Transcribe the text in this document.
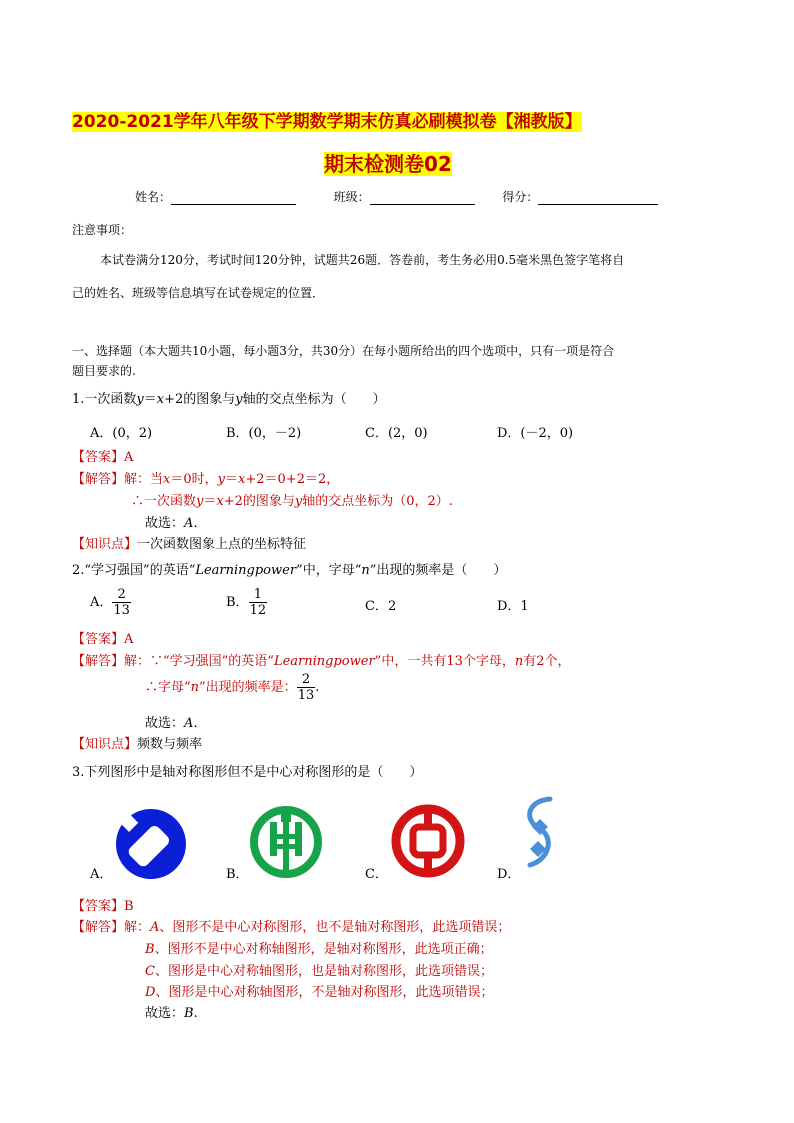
2020-2021学年八年级下学期数学期末仿真必刷模拟卷【湘教版】
期末检测卷02
姓名：	班级：	得分：
注意事项：
本试卷满分120分，考试时间120分钟，试题共26题．答卷前，考生务必用0.5毫米黑色签字笔将自
己的姓名、班级等信息填写在试卷规定的位置．
一、选择题（本大题共10小题，每小题3分，共30分）在每小题所给出的四个选项中，只有一项是符合
题目要求的.
1.一次函数y＝x+2的图象与y轴的交点坐标为（　　）
A．(0，2)	B．(0，－2)	C．(2，0)	D．(－2，0)
【答案】A
【解答】解：当x＝0时，y＝x+2＝0+2＝2，
∴一次函数y＝x+2的图象与y轴的交点坐标为（0，2）.
故选：A.
【知识点】一次函数图象上点的坐标特征
2.“学习强国”的英语“Learningpower”中，字母“n”出现的频率是（　　）
A． $\frac{2}{13}$	B． $\frac{1}{12}$	C．2	D．1
【答案】A
【解答】解：∵“学习强国”的英语“Learningpower”中，一共有13个字母，n有2个，
∴字母“n”出现的频率是： $\frac{2}{13}$ .
故选：A.
【知识点】频数与频率
3.下列图形中是轴对称图形但不是中心对称图形的是（　　）
A．	B．	C．	D．
【答案】B
【解答】解：A、图形不是中心对称图形，也不是轴对称图形，此选项错误；
B、图形不是中心对称轴图形，是轴对称图形，此选项正确；
C、图形是中心对称轴图形，也是轴对称图形，此选项错误；
D、图形是中心对称轴图形，不是轴对称图形，此选项错误；
故选：B.
